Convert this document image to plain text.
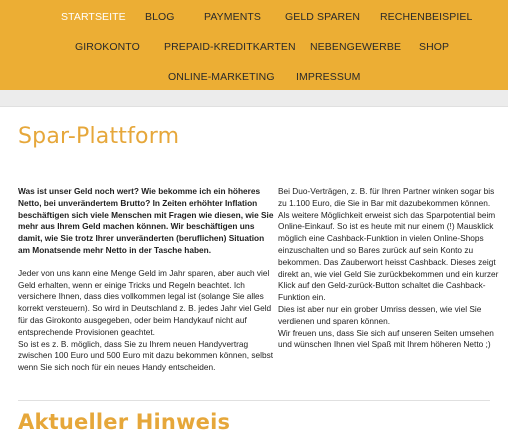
STARTSEITE BLOG	PAYMENTS GELD SPAREN RECHENBEISPIEL
GIROKONTO PREPAID-KREDITKARTEN NEBENGEWERBE SHOP
ONLINE-MARKETING IMPRESSUM
Spar-Plattform

Was ist unser Geld noch wert? Wie bekomme ich ein höheres Netto, bei unverändertem Brutto? In Zeiten erhöhter Inflation beschäftigen sich viele Menschen mit Fragen wie diesen, wie Sie mehr aus Ihrem Geld machen können. Wir beschäftigen uns damit, wie Sie trotz Ihrer unveränderten (beruflichen) Situation am Monatsende mehr Netto in der Tasche haben.

Jeder von uns kann eine Menge Geld im Jahr sparen, aber auch viel Geld erhalten, wenn er einige Tricks und Regeln beachtet. Ich versichere Ihnen, dass dies vollkommen legal ist (solange Sie alles korrekt versteuern). So wird in Deutschland z. B. jedes Jahr viel Geld für das Girokonto ausgegeben, oder beim Handykauf nicht auf entsprechende Provisionen geachtet.

So ist es z. B. möglich, dass Sie zu Ihrem neuen Handyvertrag zwischen 100 Euro und 500 Euro mit dazu bekommen können, selbst wenn Sie sich noch für ein neues Handy entscheiden.

Bei Duo-Verträgen, z. B. für Ihren Partner winken sogar bis zu 1.100 Euro, die Sie in Bar mit dazubekommen können.

Als weitere Möglichkeit erweist sich das Sparpotential beim Online-Einkauf. So ist es heute mit nur einem (!) Mausklick möglich eine Cashback-Funktion in vielen Online-Shops einzuschalten und so Bares zurück auf sein Konto zu bekommen. Das Zauberwort heisst Cashback. Dieses zeigt direkt an, wie viel Geld Sie zurückbekommen und ein kurzer Klick auf den Geld-zurück-Button schaltet die Cashback-Funktion ein.

Dies ist aber nur ein grober Umriss dessen, wie viel Sie verdienen und sparen können.

Wir freuen uns, dass Sie sich auf unseren Seiten umsehen und wünschen Ihnen viel Spaß mit Ihrem höheren Netto ;)

Aktueller Hinweis
